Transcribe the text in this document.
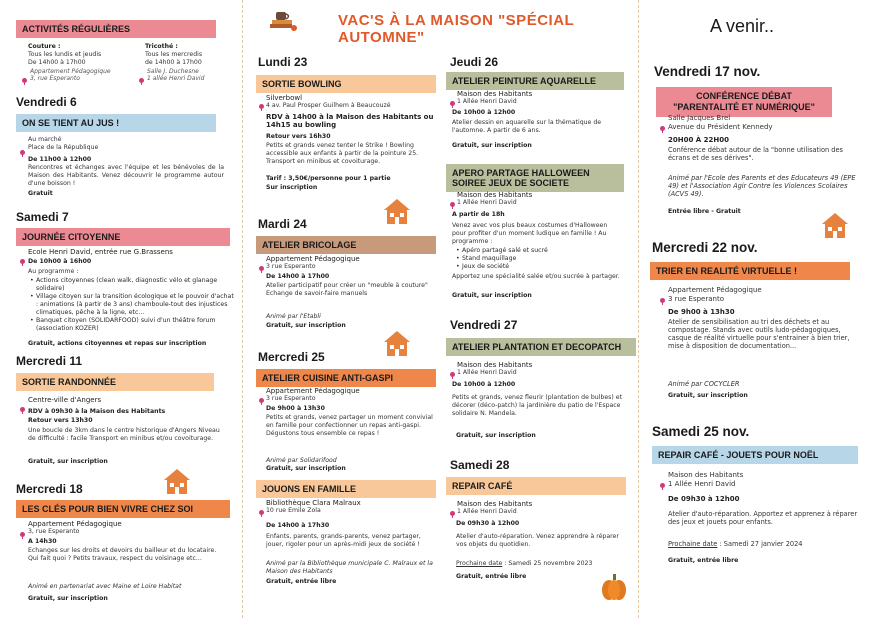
ACTIVITÉS RÉGULIÈRES
Couture :
Tous les lundis et jeudis
De 14h00 à 17h00
Appartement Pédagogique
3, rue Esperanto
Tricothé :
Tous les mercredis
de 14h00 à 17h00
Salle J. Duchesne
1 allée Henri David
Vendredi 6
ON SE TIENT AU JUS !
Au marché
Place de la République
De 11h00 à 12h00
Rencontres et échanges avec l'équipe et les bénévoles de la Maison des Habitants. Venez découvrir le programme autour d'une boisson !
Gratuit
Samedi 7
JOURNÉE CITOYENNE
Ecole Henri David, entrée rue G.Brassens
De 10h00 à 16h00
Au programme :
• Actions citoyennes (clean walk, diagnostic vélo et glanage solidaire)
• Village citoyen sur la transition écologique et le pouvoir d'achat : animations (à partir de 3 ans) chamboule-tout des injustices climatiques, pêche à la ligne, etc...
• Banquet citoyen (SOLIDARFOOD) suivi d'un théâtre forum (association KOZER)
Gratuit, actions citoyennes et repas sur inscription
Mercredi 11
SORTIE RANDONNÉE
Centre-ville d'Angers
RDV à 09h30 à la Maison des Habitants
Retour vers 13h30
Une boucle de 3km dans le centre historique d'Angers Niveau de difficulté : facile Transport en minibus et/ou covoiturage.
Gratuit, sur inscription
Mercredi 18
LES CLÉS POUR BIEN VIVRE CHEZ SOI
Appartement Pédagogique
3, rue Esperanto
A 14h30
Echanges sur les droits et devoirs du bailleur et du locataire. Qui fait quoi ? Petits travaux, respect du voisinage etc...
Animé en partenariat avec Maine et Loire Habitat
Gratuit, sur inscription
VAC'S À LA MAISON "SPÉCIAL AUTOMNE"
Lundi 23
SORTIE BOWLING
Silverbowl
4 av. Paul Prosper Guilhem à Beaucouzé
RDV à 14h00 à la Maison des Habitants ou 14h15 au bowling
Retour vers 16h30
Petits et grands venez tenter le Strike ! Bowling accessible aux enfants à partir de la pointure 25. Transport en minibus et covoiturage.
Tarif : 3,50€/personne pour 1 partie
Sur inscription
Mardi 24
ATELIER BRICOLAGE
Appartement Pédagogique
3 rue Esperanto
De 14h00 à 17h00
Atelier participatif pour créer un "meuble à couture" Echange de savoir-faire manuels
Animé par l'Etabli
Gratuit, sur inscription
Mercredi 25
ATELIER CUISINE ANTI-GASPI
Appartement Pédagogique
3 rue Esperanto
De 9h00 à 13h30
Petits et grands, venez partager un moment convivial en famille pour confectionner un repas anti-gaspi. Dégustons tous ensemble ce repas !
Animé par Solidarifood
Gratuit, sur inscription
JOUONS EN FAMILLE
Bibliothèque Clara Malraux
10 rue Emile Zola
De 14h00 à 17h30
Enfants, parents, grands-parents, venez partager, jouer, rigoler pour un après-midi jeux de société !
Animé par la Bibliothèque municipale C. Malraux et la Maison des Habitants
Gratuit, entrée libre
Jeudi 26
ATELIER PEINTURE AQUARELLE
Maison des Habitants
1 Allée Henri David
De 10h00 à 12h00
Atelier dessin en aquarelle sur la thématique de l'automne. A partir de 6 ans.
Gratuit, sur inscription
APERO PARTAGE HALLOWEEN SOIREE JEUX DE SOCIETE
Maison des Habitants
1 Allée Henri David
A partir de 18h
Venez avec vos plus beaux costumes d'Halloween pour profiter d'un moment ludique en famille ! Au programme :
• Apéro partagé salé et sucré
• Stand maquillage
• Jeux de société
Apportez une spécialité salée et/ou sucrée à partager.
Gratuit, sur inscription
Vendredi 27
ATELIER PLANTATION ET DECOPATCH
Maison des Habitants
1 Allée Henri David
De 10h00 à 12h00
Petits et grands, venez fleurir (plantation de bulbes) et décorer (déco-patch) la jardinière du patio de l'Espace solidaire N. Mandela.
Gratuit, sur inscription
Samedi 28
REPAIR CAFÉ
Maison des Habitants
1 Allée Henri David
De 09h30 à 12h00
Atelier d'auto-réparation. Venez apprendre à réparer vos objets du quotidien.
Prochaine date : Samedi 25 novembre 2023
Gratuit, entrée libre
A venir..
Vendredi 17 nov.
CONFÉRENCE DÉBAT "PARENTALITÉ ET NUMÉRIQUE"
Salle Jacques Brel
Avenue du Président Kennedy
20H00 À 22H00
Conférence débat autour de la "bonne utilisation des écrans et de ses dérives".
Animé par l'Ecole des Parents et des Educateurs 49 (EPE 49) et l'Association Agir Contre les Violences Scolaires (ACVS 49).
Entrée libre - Gratuit
Mercredi 22 nov.
TRIER EN REALITÉ VIRTUELLE !
Appartement Pédagogique
3 rue Esperanto
De 9h00 à 13h30
Atelier de sensibilisation au tri des déchets et au compostage. Stands avec outils ludo-pédagogiques, casque de réalité virtuelle pour s'entrainer à bien trier, mise à disposition de documentation...
Animé par COCYCLER
Gratuit, sur inscription
Samedi 25 nov.
REPAIR CAFÉ - JOUETS POUR NOËL
Maison des Habitants
1 Allée Henri David
De 09h30 à 12h00
Atelier d'auto-réparation. Apportez et apprenez à réparer des jeux et jouets pour enfants.
Prochaine date : Samedi 27 janvier 2024
Gratuit, entrée libre
